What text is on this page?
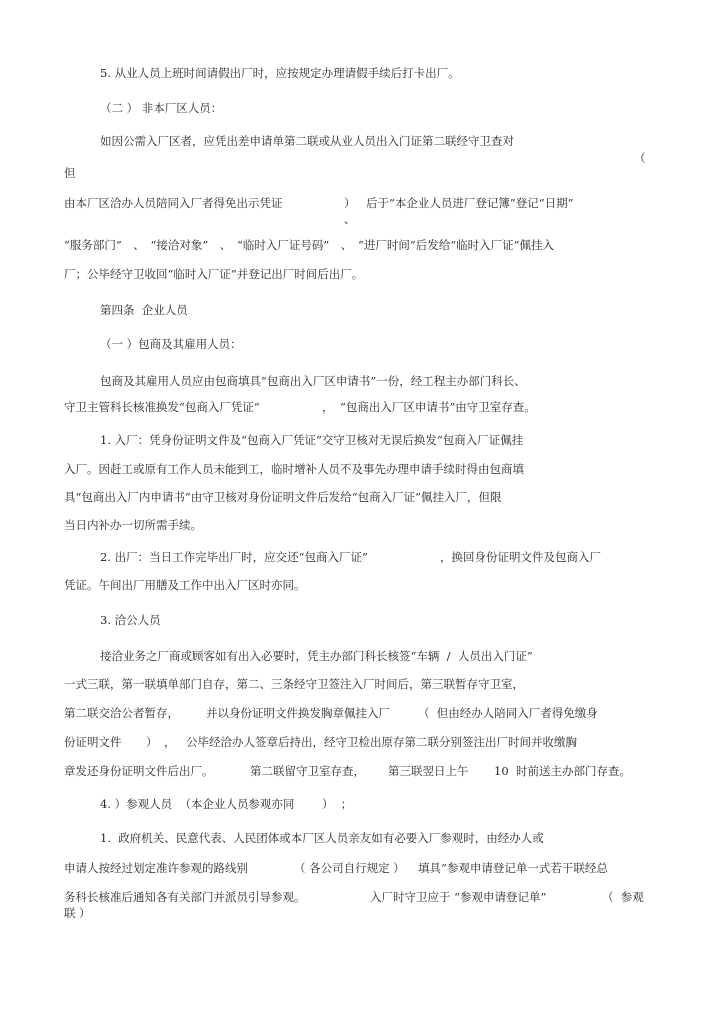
5. 从业人员上班时间请假出厂时，应按规定办理请假手续后打卡出厂。
（二 ） 非本厂区人员：
如因公需入厂区者，应凭出差申请单第二联或从业人员出入门证第二联经守卫查对
（
但
由本厂区洽办人员陪同入厂者得免出示凭证	） 后于“本企业人员进厂登记簿”登记“日期”
、
“服务部门”　、　“接洽对象”　、　“临时入厂证号码”　、　“进厂时间”后发给“临时入厂证”佩挂入
厂；公毕经守卫收回“临时入厂证”并登记出厂时间后出厂。
第四条  企业人员
（一 ）包商及其雇用人员：
包商及其雇用人员应由包商填具“包商出入厂区申请书”一份，经工程主办部门科长、
守卫主管科长核准换发“包商入厂凭证”	， “包商出入厂区申请书”由守卫室存查。
1. 入厂：凭身份证明文件及“包商入厂凭证”交守卫核对无误后换发“包商入厂证佩挂
入厂。因赶工或原有工作人员未能到工，临时增补人员不及事先办理申请手续时得由包商填
具“包商出入厂内申请书”由守卫核对身份证明文件后发给“包商入厂证”佩挂入厂，但限
当日内补办一切所需手续。
2. 出厂：当日工作完毕出厂时，应交还“包商入厂证”	，换回身份证明文件及包商入厂
凭证。午间出厂用膳及工作中出入厂区时亦同。
3. 洽公人员
接洽业务之厂商或顾客如有出入必要时，凭主办部门科长核签“车辆  /  人员出入门证”
一式三联，第一联填单部门自存，第二、三条经守卫签注入厂时间后，第三联暂存守卫室，
第二联交洽公者暂存， 并以身份证明文件换发胸章佩挂入厂 （  但由经办人陪同入厂者得免缴身
份证明文件 ） ， 公毕经洽办人签章后持出，经守卫检出原存第二联分别签注出厂时间并收缴胸
章发还身份证明文件后出厂。	第二联留守卫室存查， 第三联翌日上午 10  时前送主办部门存查。
4. ）参观人员  （本企业人员参观亦同 ）  ；
1.  政府机关、民意代表、人民团体或本厂区人员亲友如有必要入厂参观时，由经办人或
申请人按经过划定准许参观的路线别	（ 各公司自行规定 ） 填具“参观申请登记单一式若干联经总
务科长核准后通知各有关部门并派员引导参观。	入厂时守卫应于 “参观申请登记单”	（  参观
联 ）
